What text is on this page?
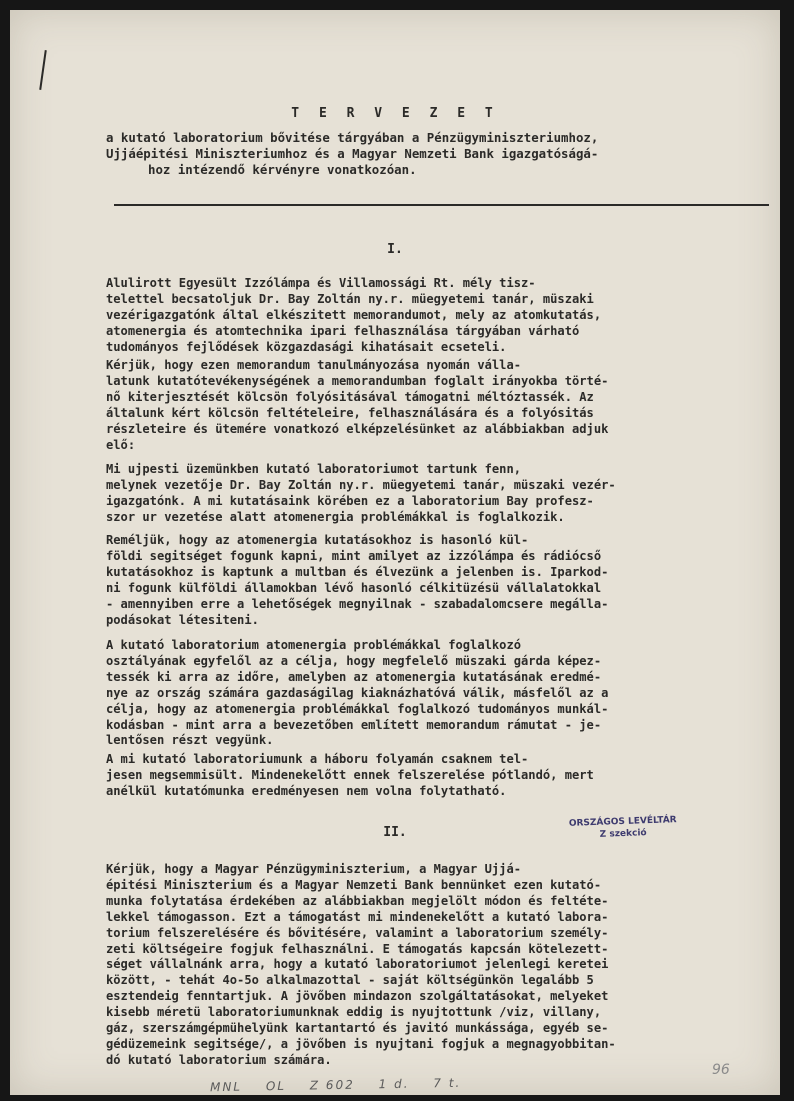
T E R V E Z E T
a kutató laboratorium bővitése tárgyában a Pénzügyminiszteriumhoz,
Ujjáépitési Miniszteriumhoz és a Magyar Nemzeti Bank igazgatóságá-
hoz intézendő kérvényre vonatkozóan.
I.
Alulirott Egyesült Izzólámpa és Villamossági Rt. mély tisz-
telettel becsatoljuk Dr. Bay Zoltán ny.r. müegyetemi tanár, müszaki
vezérigazgatónk által elkészitett memorandumot, mely az atomkutatás,
atomenergia és atomtechnika ipari felhasználása tárgyában várható
tudományos fejlődések közgazdasági kihatásait ecseteli.
Kérjük, hogy ezen memorandum tanulmányozása nyomán válla-
latunk kutatótevékenységének a memorandumban foglalt irányokba törté-
nő kiterjesztését kölcsön folyósitásával támogatni méltóztassék. Az
általunk kért kölcsön feltételeire, felhasználására és a folyósitás
részleteire és ütemére vonatkozó elképzelésünket az alábbiakban adjuk
elő:
Mi ujpesti üzemünkben kutató laboratoriumot tartunk fenn,
melynek vezetője Dr. Bay Zoltán ny.r. müegyetemi tanár, müszaki vezér-
igazgatónk. A mi kutatásaink körében ez a laboratorium Bay profesz-
szor ur vezetése alatt atomenergia problémákkal is foglalkozik.
Reméljük, hogy az atomenergia kutatásokhoz is hasonló kül-
földi segitséget fogunk kapni, mint amilyet az izzólámpa és rádiócső
kutatásokhoz is kaptunk a multban és élvezünk a jelenben is. Iparkod-
ni fogunk külföldi államokban lévő hasonló célkitüzésü vállalatokkal
- amennyiben erre a lehetőségek megnyilnak - szabadalomcsere megálla-
podásokat létesiteni.
A kutató laboratorium atomenergia problémákkal foglalkozó
osztályának egyfelől az a célja, hogy megfelelő müszaki gárda képez-
tessék ki arra az időre, amelyben az atomenergia kutatásának eredmé-
nye az ország számára gazdaságilag kiaknázhatóvá válik, másfelől az a
célja, hogy az atomenergia problémákkal foglalkozó tudományos munkál-
kodásban - mint arra a bevezetőben említett memorandum rámutat - je-
lentősen részt vegyünk.
A mi kutató laboratoriumunk a háboru folyamán csaknem tel-
jesen megsemmisült. Mindenekelőtt ennek felszerelése pótlandó, mert
anélkül kutatómunka eredményesen nem volna folytatható.
ORSZÁGOS LEVÉLTÁR
Z szekció
II.
Kérjük, hogy a Magyar Pénzügyminiszterium, a Magyar Ujjá-
épitési Miniszterium és a Magyar Nemzeti Bank bennünket ezen kutató-
munka folytatása érdekében az alábbiakban megjelölt módon és feltéte-
lekkel támogasson. Ezt a támogatást mi mindenekelőtt a kutató labora-
torium felszerelésére és bővitésére, valamint a laboratorium személy-
zeti költségeire fogjuk felhasználni. E támogatás kapcsán kötelezett-
séget vállalnánk arra, hogy a kutató laboratoriumot jelenlegi keretei
között, - tehát 4o-5o alkalmazottal - saját költségünkön legalább 5
esztendeig fenntartjuk. A jövőben mindazon szolgáltatásokat, melyeket
kisebb méretü laboratoriumunknak eddig is nyujtottunk /viz, villany,
gáz, szerszámgépmühelyünk kartantartó és javitó munkássága, egyéb se-
gédüzemeink segitsége/, a jövőben is nyujtani fogjuk a megnagyobbitan-
dó kutató laboratorium számára.
MNL OL Z 602 1 d. 7 t.
96
